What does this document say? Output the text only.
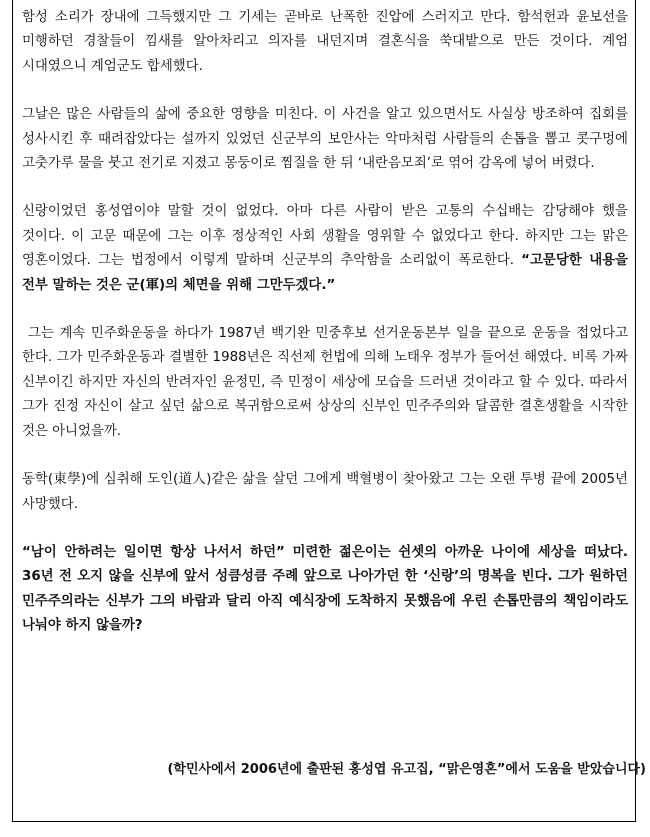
함성 소리가 장내에 그득했지만 그 기세는 곧바로 난폭한 진압에 스러지고 만다. 함석헌과 윤보선을 미행하던 경찰들이 낌새를 알아차리고 의자를 내던지며 결혼식을 쑥대밭으로 만든 것이다. 계엄 시대였으니 계엄군도 합세했다.

그날은 많은 사람들의 삶에 중요한 영향을 미친다. 이 사건을 알고 있으면서도 사실상 방조하여 집회를 성사시킨 후 때려잡았다는 설까지 있었던 신군부의 보안사는 악마처럼 사람들의 손톱을 뽑고 콧구멍에 고춧가루 물을 붓고 전기로 지졌고 몽둥이로 찜질을 한 뒤 ‘내란음모죄’로 엮어 감옥에 넣어 버렸다.

신랑이었던 홍성엽이야 말할 것이 없었다. 아마 다른 사람이 받은 고통의 수십배는 감당해야 했을 것이다. 이 고문 때문에 그는 이후 정상적인 사회 생활을 영위할 수 없었다고 한다. 하지만 그는 맑은 영혼이었다. 그는 법정에서 이렇게 말하며 신군부의 추악함을 소리없이 폭로한다. “고문당한 내용을 전부 말하는 것은 군(軍)의 체면을 위해 그만두겠다.”

그는 계속 민주화운동을 하다가 1987년 백기완 민중후보 선거운동본부 일을 끝으로 운동을 접었다고 한다. 그가 민주화운동과 결별한 1988년은 직선제 헌법에 의해 노태우 정부가 들어선 해였다. 비록 가짜 신부이긴 하지만 자신의 반려자인 윤정민, 즉 민정이 세상에 모습을 드러낸 것이라고 할 수 있다. 따라서 그가 진정 자신이 살고 싶던 삶으로 복귀함으로써 상상의 신부인 민주주의와 달콤한 결혼생활을 시작한 것은 아니었을까.

동학(東學)에 심취해 도인(道人)같은 삶을 살던 그에게 백혈병이 찾아왔고 그는 오랜 투병 끝에 2005년 사망했다.

“남이 안하려는 일이면 항상 나서서 하던” 미련한 젊은이는 쉰셋의 아까운 나이에 세상을 떠났다. 36년 전 오지 않을 신부에 앞서 성큼성큼 주례 앞으로 나아가던 한 ‘신랑’의 명복을 빈다. 그가 원하던 민주주의라는 신부가 그의 바람과 달리 아직 예식장에 도착하지 못했음에 우린 손톱만큼의 책임이라도 나눠야 하지 않을까?

(학민사에서 2006년에 출판된 홍성엽 유고집, “맑은영혼”에서 도움을 받았습니다)
